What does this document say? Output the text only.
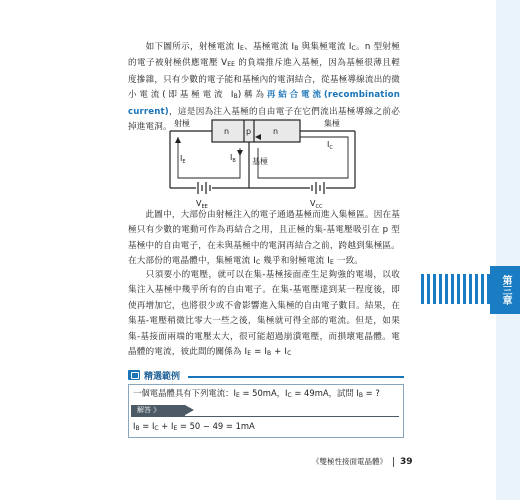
  如下圖所示，射極電流 IE、基極電流 IB 與集極電流 IC。n 型射極的電子被射極供應電壓 VEE 的負端推斥進入基極，因為基極很薄且輕度摻雜，只有少數的電子能和基極內的電洞結合，從基極導線流出的微小電流(即基極電流 IB)稱為再結合電流(recombination current)，這是因為注入基極的自由電子在它們流出基極導線之前必掉進電洞。 射極	集極
基極
n p	n
$I_E$	$I_B$
$I_C$
$V_{EE}$	$V_{CC}$

  此圖中，大部份由射極注入的電子通過基極而進入集極區。因在基極只有少數的電動可作為再結合之用，且正極的集-基電壓吸引在 p 型基極中的自由電子，在未與基極中的電洞再結合之前，跨越到集極區。在大部份的電晶體中，集極電流 IC 幾乎和射極電流 IE 一致。

  只須要小的電壓，就可以在集-基極接面產生足夠強的電場，以收集注入基極中幾乎所有的自由電子。在集-基電壓達到某一程度後，即使再增加它，也將很少或不會影響進入集極的自由電子數目。結果，在集基-電壓稍微比零大一些之後，集極就可得全部的電流。但是，如果集-基接面兩端的電壓太大，很可能超過崩潰電壓，而損壞電晶體。電晶體的電流，彼此間的關係為 IE = IB + IC

精選範例
一個電晶體具有下列電流：IE = 50mA，IC = 49mA，試問 IB = ?
解答 》
IB = IC + IE = 50 − 49 = 1mA
第三章
《雙極性接面電晶體》 39
